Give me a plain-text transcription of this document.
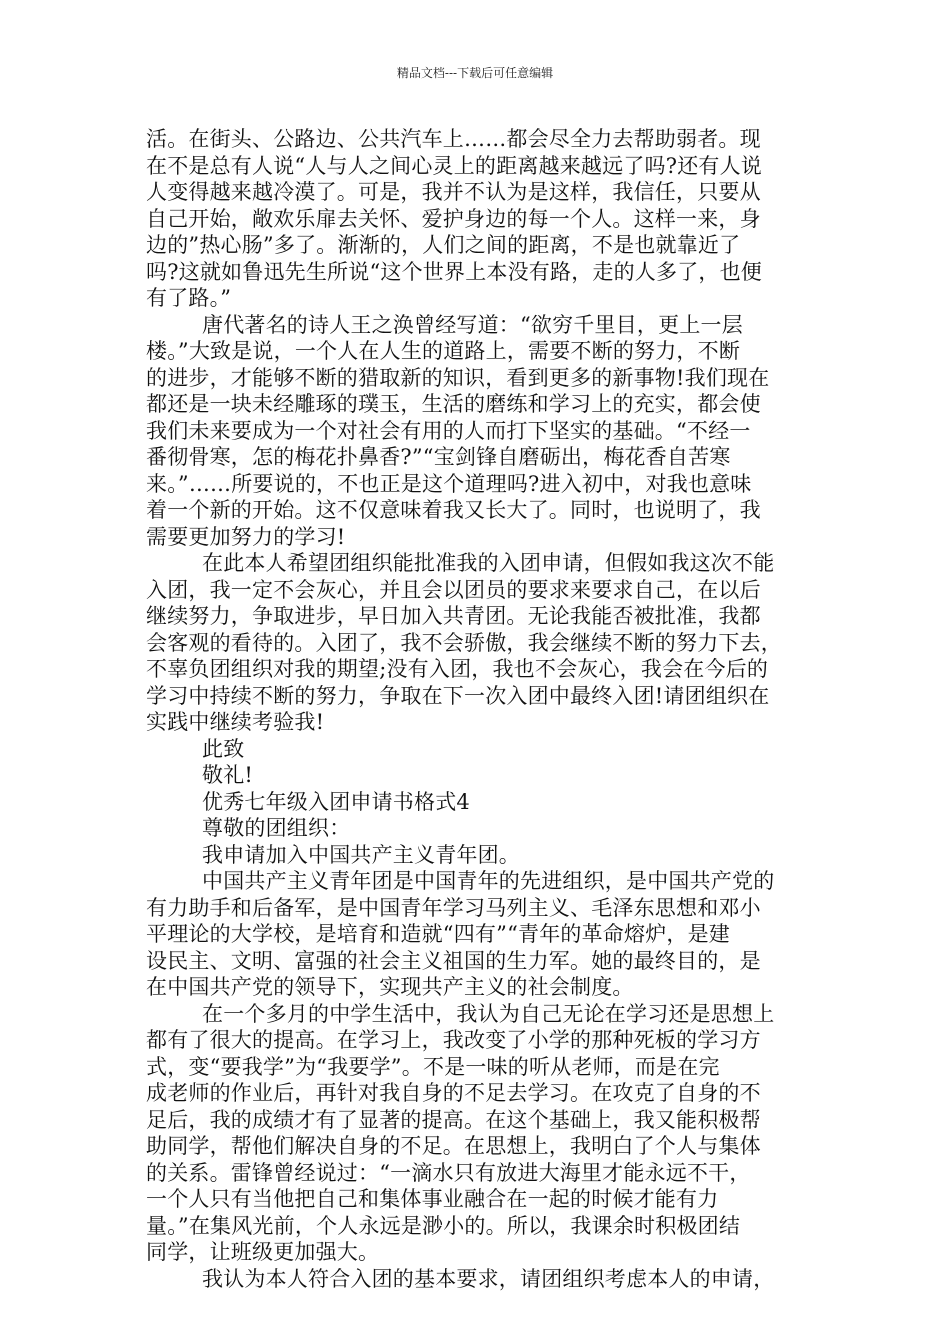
精品文档---下载后可任意编辑
活。在街头、公路边、公共汽车上……都会尽全力去帮助弱者。现
在不是总有人说“人与人之间心灵上的距离越来越远了吗?还有人说
人变得越来越冷漠了。可是，我并不认为是这样，我信任，只要从
自己开始，敞欢乐扉去关怀、爱护身边的每一个人。这样一来，身
边的”热心肠”多了。渐渐的，人们之间的距离，不是也就靠近了
吗?这就如鲁迅先生所说“这个世界上本没有路，走的人多了，也便
有了路。”
唐代著名的诗人王之涣曾经写道：“欲穷千里目，更上一层
楼。”大致是说，一个人在人生的道路上，需要不断的努力，不断
的进步，才能够不断的猎取新的知识，看到更多的新事物!我们现在
都还是一块未经雕琢的璞玉，生活的磨练和学习上的充实，都会使
我们未来要成为一个对社会有用的人而打下坚实的基础。“不经一
番彻骨寒，怎的梅花扑鼻香?”“宝剑锋自磨砺出，梅花香自苦寒
来。”……所要说的，不也正是这个道理吗?进入初中，对我也意味
着一个新的开始。这不仅意味着我又长大了。同时，也说明了，我
需要更加努力的学习!
在此本人希望团组织能批准我的入团申请，但假如我这次不能
入团，我一定不会灰心，并且会以团员的要求来要求自己，在以后
继续努力，争取进步，早日加入共青团。无论我能否被批准，我都
会客观的看待的。入团了，我不会骄傲，我会继续不断的努力下去，
不辜负团组织对我的期望;没有入团，我也不会灰心，我会在今后的
学习中持续不断的努力，争取在下一次入团中最终入团!请团组织在
实践中继续考验我!
此致
敬礼!
优秀七年级入团申请书格式4
尊敬的团组织：
我申请加入中国共产主义青年团。
中国共产主义青年团是中国青年的先进组织，是中国共产党的
有力助手和后备军，是中国青年学习马列主义、毛泽东思想和邓小
平理论的大学校，是培育和造就“四有”“青年的革命熔炉，是建
设民主、文明、富强的社会主义祖国的生力军。她的最终目的，是
在中国共产党的领导下，实现共产主义的社会制度。
在一个多月的中学生活中，我认为自己无论在学习还是思想上
都有了很大的提高。在学习上，我改变了小学的那种死板的学习方
式，变“要我学”为“我要学”。不是一味的听从老师，而是在完
成老师的作业后，再针对我自身的不足去学习。在攻克了自身的不
足后，我的成绩才有了显著的提高。在这个基础上，我又能积极帮
助同学，帮他们解决自身的不足。在思想上，我明白了个人与集体
的关系。雷锋曾经说过：“一滴水只有放进大海里才能永远不干，
一个人只有当他把自己和集体事业融合在一起的时候才能有力
量。”在集风光前，个人永远是渺小的。所以，我课余时积极团结
同学，让班级更加强大。
我认为本人符合入团的基本要求，请团组织考虑本人的申请，
